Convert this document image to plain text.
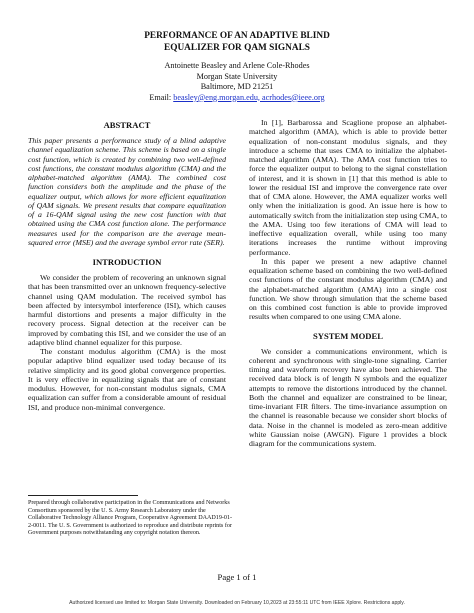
PERFORMANCE OF AN ADAPTIVE BLIND
EQUALIZER FOR QAM SIGNALS
Antoinette Beasley and Arlene Cole-Rhodes
Morgan State University
Baltimore, MD 21251
Email: beasley@eng.morgan.edu, acrhodes@ieee.org

ABSTRACT

This paper presents a performance study of a blind adaptive channel equalization scheme. This scheme is based on a single cost function, which is created by combining two well-defined cost functions, the constant modulus algorithm (CMA) and the alphabet-matched algorithm (AMA). The combined cost function considers both the amplitude and the phase of the equalizer output, which allows for more efficient equalization of QAM signals. We present results that compare equalization of a 16-QAM signal using the new cost function with that obtained using the CMA cost function alone. The performance measures used for the comparison are the average mean-squared error (MSE) and the average symbol error rate (SER).

INTRODUCTION

We consider the problem of recovering an unknown signal that has been transmitted over an unknown frequency-selective channel using QAM modulation. The received symbol has been affected by intersymbol interference (ISI), which causes harmful distortions and presents a major difficulty in the recovery process. Signal detection at the receiver can be improved by combating this ISI, and we consider the use of an adaptive blind channel equalizer for this purpose.

The constant modulus algorithm (CMA) is the most popular adaptive blind equalizer used today because of its relative simplicity and its good global convergence properties. It is very effective in equalizing signals that are of constant modulus. However, for non-constant modulus signals, CMA equalization can suffer from a considerable amount of residual ISI, and produce non-minimal convergence.

In [1], Barbarossa and Scaglione propose an alphabet-matched algorithm (AMA), which is able to provide better equalization of non-constant modulus signals, and they introduce a scheme that uses CMA to initialize the alphabet-matched algorithm (AMA). The AMA cost function tries to force the equalizer output to belong to the signal constellation of interest, and it is shown in [1] that this method is able to lower the residual ISI and improve the convergence rate over that of CMA alone. However, the AMA equalizer works well only when the initialization is good. An issue here is how to automatically switch from the initialization step using CMA, to the AMA. Using too few iterations of CMA will lead to ineffective equalization overall, while using too many iterations increases the runtime without improving performance.

In this paper we present a new adaptive channel equalization scheme based on combining the two well-defined cost functions of the constant modulus algorithm (CMA) and the alphabet-matched algorithm (AMA) into a single cost function. We show through simulation that the scheme based on this combined cost function is able to provide improved results when compared to one using CMA alone.

SYSTEM MODEL

We consider a communications environment, which is coherent and synchronous with single-tone signaling. Carrier timing and waveform recovery have also been achieved. The received data block is of length N symbols and the equalizer attempts to remove the distortions introduced by the channel. Both the channel and equalizer are constrained to be linear, time-invariant FIR filters. The time-invariance assumption on the channel is reasonable because we consider short blocks of data. Noise in the channel is modeled as zero-mean additive white Gaussian noise (AWGN). Figure 1 provides a block diagram for the communications system.

Prepared through collaborative participation in the Communications and Networks Consortium sponsored by the U. S. Army Research Laboratory under the Collaborative Technology Alliance Program, Cooperative Agreement DAAD19-01-2-0011. The U. S. Government is authorized to reproduce and distribute reprints for Government purposes notwithstanding any copyright notation thereon.
Page 1 of 1
Authorized licensed use limited to: Morgan State University. Downloaded on February 10,2023 at 23:55:11 UTC from IEEE Xplore. Restrictions apply.
